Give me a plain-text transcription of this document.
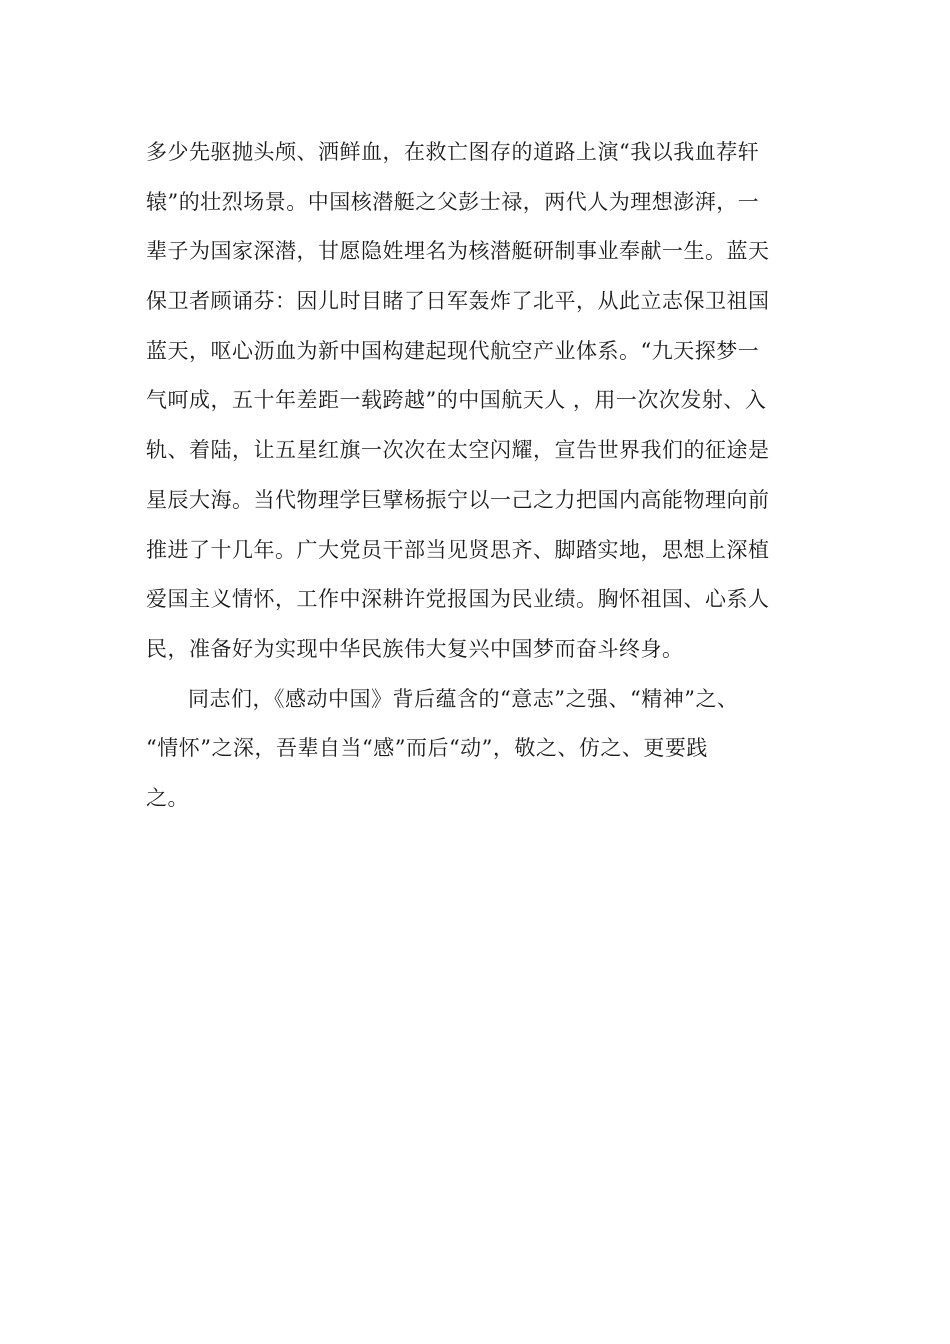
多少先驱抛头颅、洒鲜血，在救亡图存的道路上演“我以我血荐轩
辕”的壮烈场景。中国核潜艇之父彭士禄，两代人为理想澎湃，一
辈子为国家深潜，甘愿隐姓埋名为核潜艇研制事业奉献一生。蓝天
保卫者顾诵芬：因儿时目睹了日军轰炸了北平，从此立志保卫祖国
蓝天，呕心沥血为新中国构建起现代航空产业体系。“九天探梦一
气呵成，五十年差距一载跨越”的中国航天人 ，用一次次发射、入
轨、着陆，让五星红旗一次次在太空闪耀，宣告世界我们的征途是
星辰大海。当代物理学巨擘杨振宁以一己之力把国内高能物理向前
推进了十几年。广大党员干部当见贤思齐、脚踏实地，思想上深植
爱国主义情怀，工作中深耕许党报国为民业绩。胸怀祖国、心系人
民，准备好为实现中华民族伟大复兴中国梦而奋斗终身。
同志们，《感动中国》背后蕴含的“意志”之强、“精神”之、
“情怀”之深，吾辈自当“感”而后“动”，敬之、仿之、更要践
之。
